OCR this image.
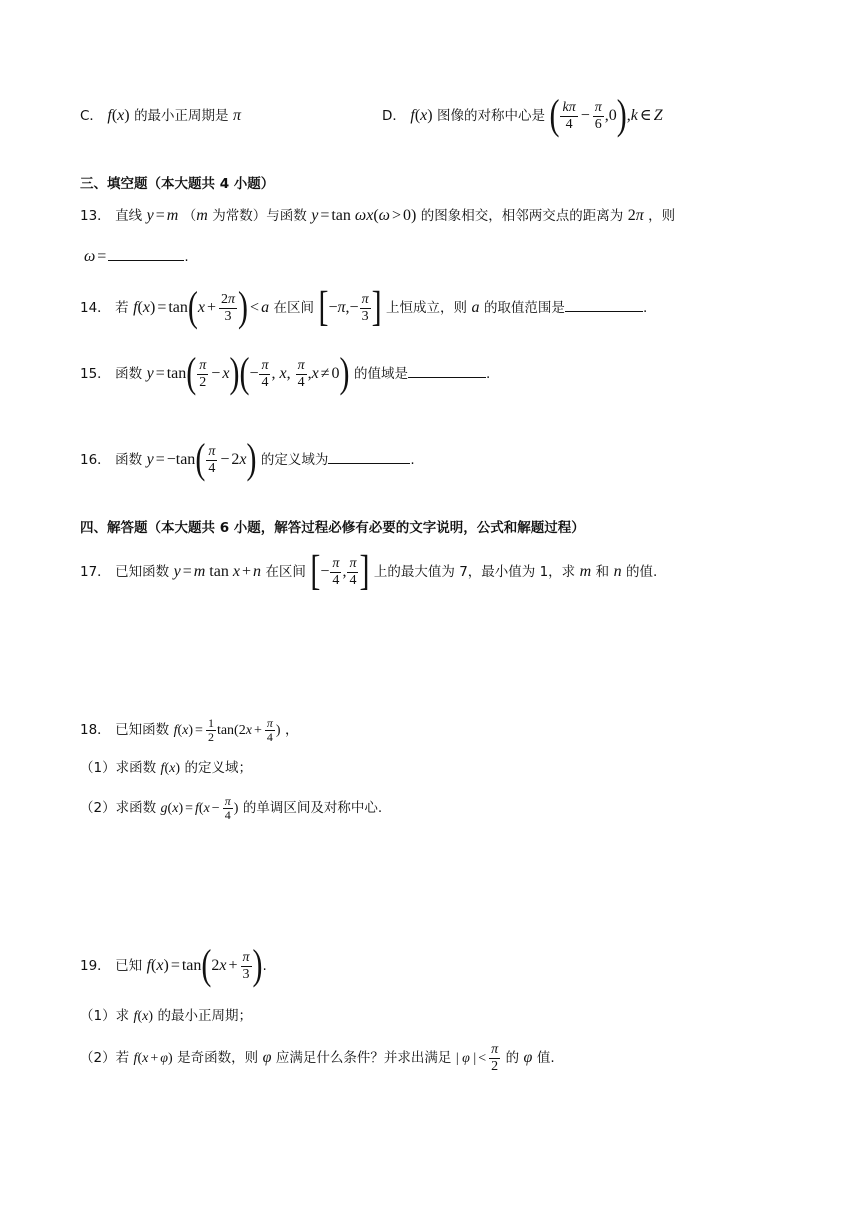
C． f(x) 的最小正周期是 π	D． f(x) 图像的对称中心是 ( $\frac{k\pi}{4} - \frac{\pi}{6} ,0),k$ ∈ Z
三、填空题（本大题共 4 小题）
13． 直线 y = m （m 为常数）与函数 y = tan ωx(ω > 0) 的图象相交，相邻两交点的距离为 2π ，则
ω =	.
14． 若 $f(x) = \tan(x + \frac{2\pi}{3}$ ) < a 在区间 [$-\pi,- \frac{\pi}{3}$ ] 上恒成立，则 a 的取值范围是	.
15． 函数 $y = \tan( \frac{\pi}{2} - x)(- \frac{\pi}{4}$ , x, $\frac{\pi}{4} ,x \ne 0$) 的值域是	.
16． 函数 $y = -\tan( \frac{\pi}{4} - 2x)$ 的定义域为	.
四、解答题（本大题共 6 小题，解答过程必修有必要的文字说明，公式和解题过程）
17． 已知函数 y = m tan x + n 在区间 [− $\frac{\pi}{4}$ , $\frac{\pi}{4}$ ] 上的最大值为 7，最小值为 1，求 m 和 n 的值.
18． 已知函数 $f(x) = \frac{1}{2} \tan(2x + \frac{\pi}{4}$ ) ，
（1）求函数 f(x) 的定义域；
（2）求函数 $g(x) = f(x - \frac{\pi}{4}$ ) 的单调区间及对称中心.
19． 已知 $f(x) = \tan(2x + \frac{\pi}{3}$ ).
（1）求 f(x) 的最小正周期；
（2）若 f(x + φ) 是奇函数，则 φ 应满足什么条件？并求出满足 | φ | < $\frac{\pi}{2}$ 的 φ 值.
